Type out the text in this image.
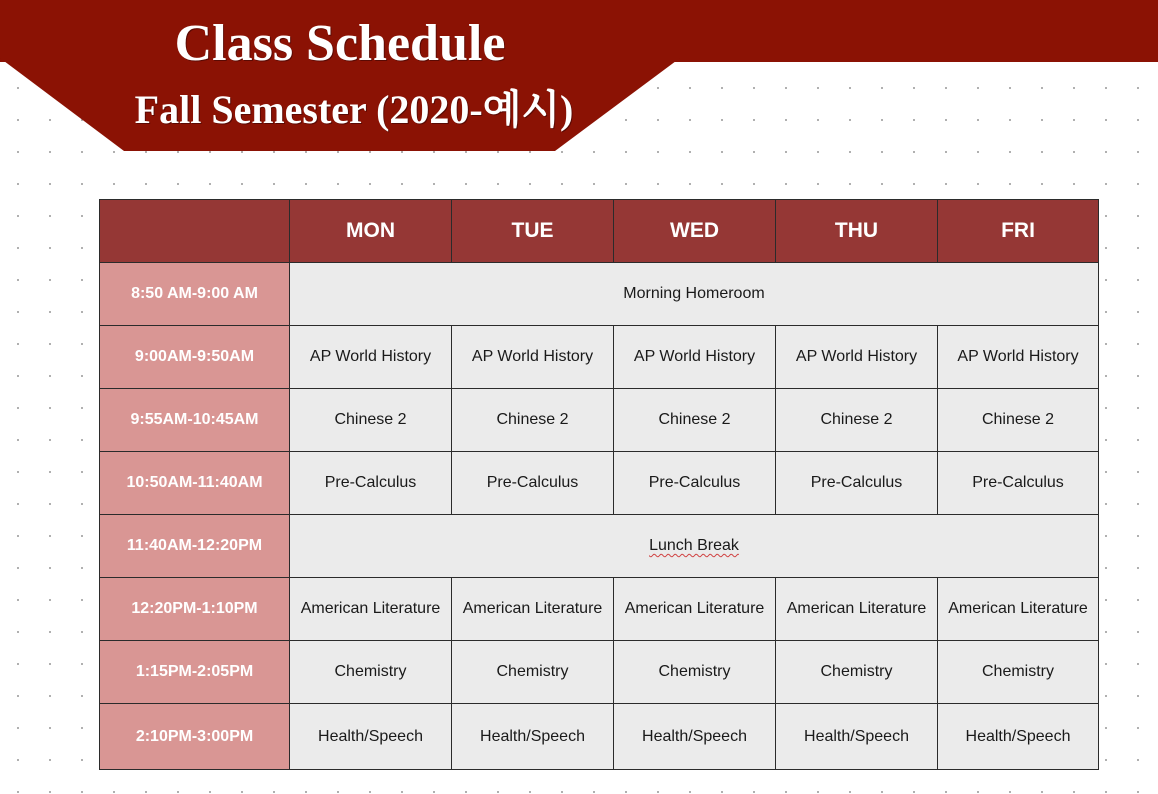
Class Schedule
Fall Semester (2020-예시)
	MON	TUE	WED	THU	FRI
8:50 AM-9:00 AM	Morning Homeroom				
9:00AM-9:50AM	AP World History	AP World History	AP World History	AP World History	AP World History
9:55AM-10:45AM	Chinese 2	Chinese 2	Chinese 2	Chinese 2	Chinese 2
10:50AM-11:40AM	Pre-Calculus	Pre-Calculus	Pre-Calculus	Pre-Calculus	Pre-Calculus
11:40AM-12:20PM	Lunch Break				
12:20PM-1:10PM	American Literature	American Literature	American Literature	American Literature	American Literature
1:15PM-2:05PM	Chemistry	Chemistry	Chemistry	Chemistry	Chemistry
2:10PM-3:00PM	Health/Speech	Health/Speech	Health/Speech	Health/Speech	Health/Speech
